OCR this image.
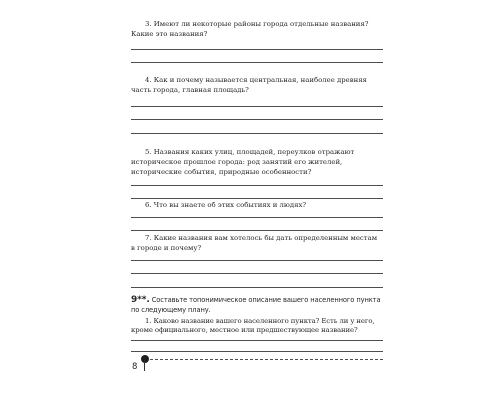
3. Имеют ли некоторые районы города отдельные названия? Какие это названия?
4. Как и почему называется центральная, наиболее древняя часть города, главная площадь?
5. Названия каких улиц, площадей, переулков отражают историческое прошлое города: род занятий его жителей, исторические события, природные особенности?
6. Что вы знаете об этих событиях и людях?
7. Какие названия вам хотелось бы дать определенным местам в городе и почему?
9**. Составьте топонимическое описание вашего населенного пункта по следующему плану.
1. Каково название вашего населенного пункта? Есть ли у него, кроме официального, местное или предшествующее название?
8
